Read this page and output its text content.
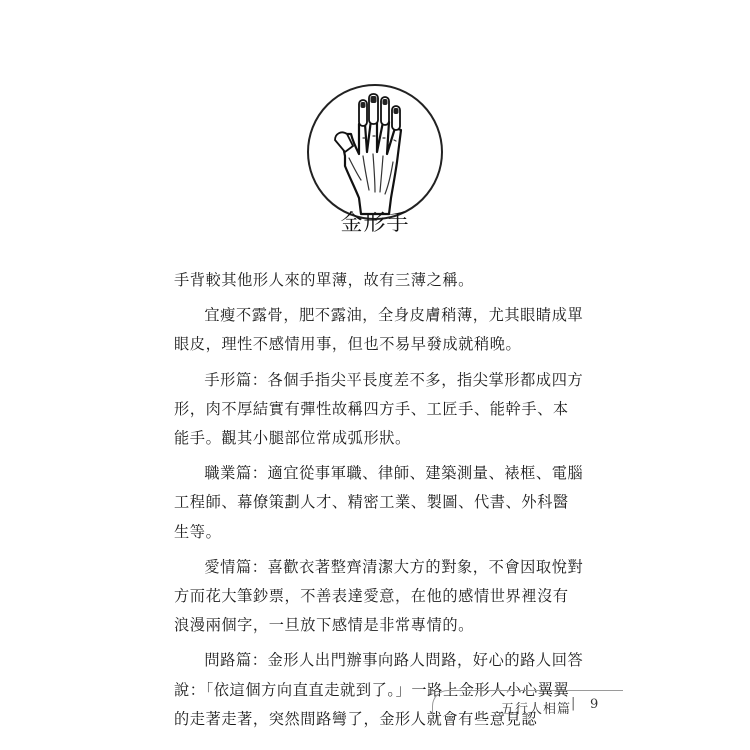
金形手

手背較其他形人來的單薄，故有三薄之稱。

宜瘦不露骨，肥不露油，全身皮膚稍薄，尤其眼睛成單眼皮，理性不感情用事，但也不易早發成就稍晚。

手形篇：各個手指尖平長度差不多，指尖掌形都成四方形，肉不厚結實有彈性故稱四方手、工匠手、能幹手、本能手。觀其小腿部位常成弧形狀。

職業篇：適宜從事軍職、律師、建築測量、裱框、電腦工程師、幕僚策劃人才、精密工業、製圖、代書、外科醫生等。

愛情篇：喜歡衣著整齊清潔大方的對象，不會因取悅對方而花大筆鈔票，不善表達愛意，在他的感情世界裡沒有浪漫兩個字，一旦放下感情是非常專情的。

問路篇：金形人出門辦事向路人問路，好心的路人回答說：「依這個方向直直走就到了。」一路上金形人小心翼翼的走著走著，突然間路彎了，金形人就會有些意見認

五行人相篇 | 9
